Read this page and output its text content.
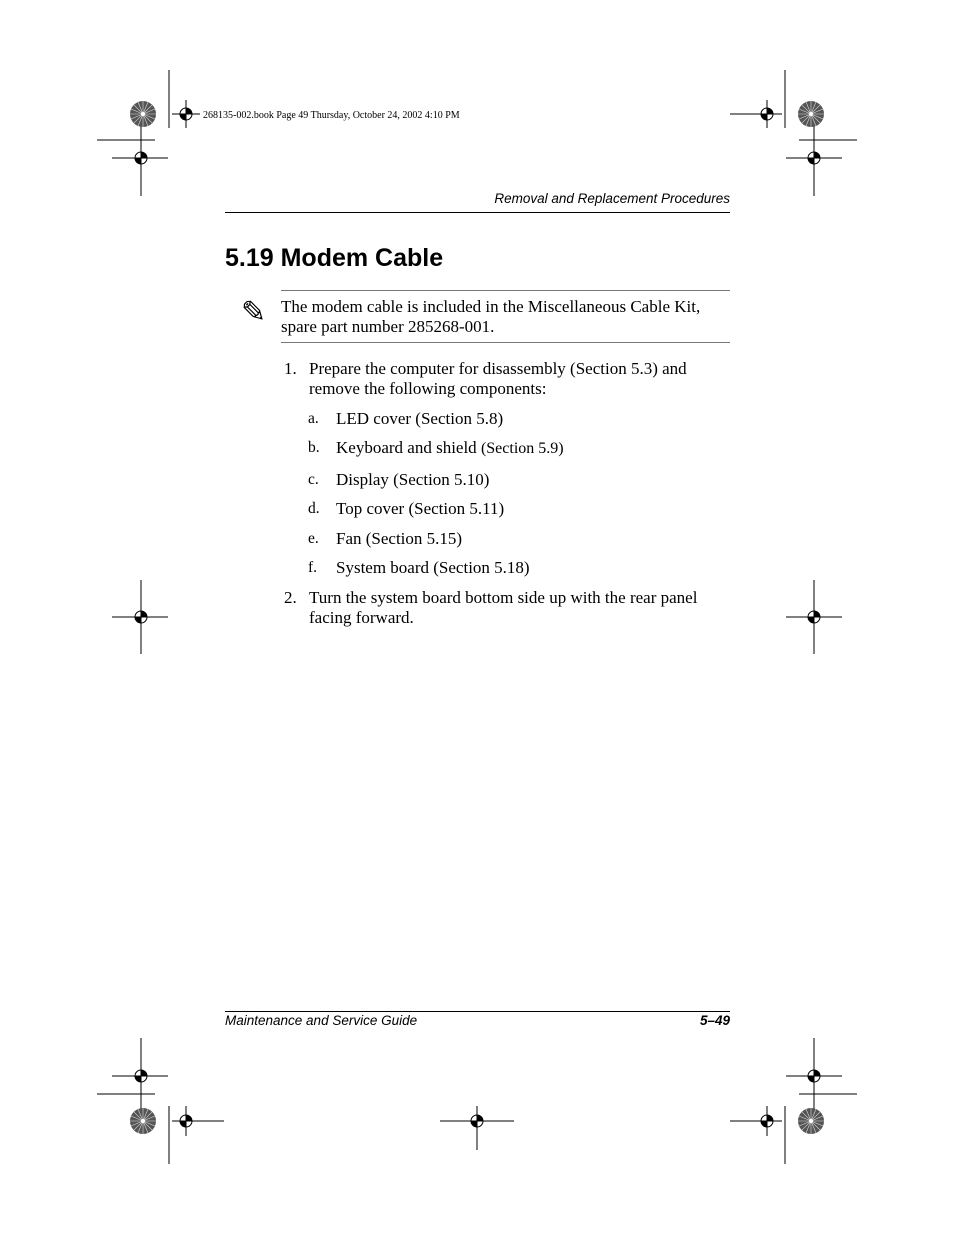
268135-002.book Page 49 Thursday, October 24, 2002 4:10 PM
Removal and Replacement Procedures
5.19 Modem Cable
✎ The modem cable is included in the Miscellaneous Cable Kit, spare part number 285268-001.
1. Prepare the computer for disassembly (Section 5.3) and remove the following components:
a. LED cover (Section 5.8)
b. Keyboard and shield (Section 5.9)
c. Display (Section 5.10)
d. Top cover (Section 5.11)
e. Fan (Section 5.15)
f. System board (Section 5.18)
2. Turn the system board bottom side up with the rear panel facing forward.
Maintenance and Service Guide	5–49
